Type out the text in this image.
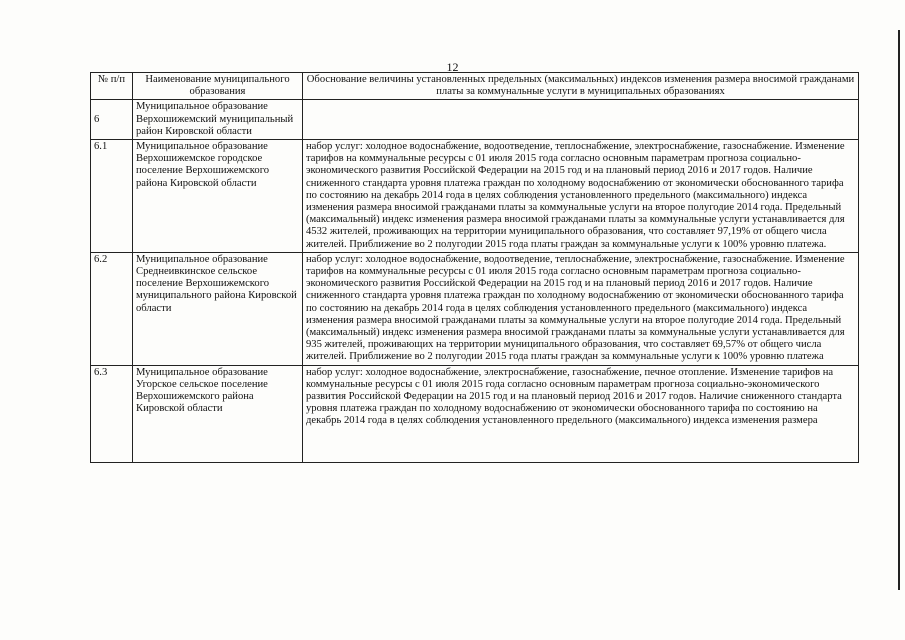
12
№ п/п	Наименование муниципального образования	Обоснование величины установленных предельных (максимальных) индексов изменения размера вносимой гражданами платы за коммунальные услуги в муниципальных образованиях
6	Муниципальное образование Верхошижемский муниципальный район Кировской области	
6.1	Муниципальное образование Верхошижемское городское поселение Верхошижемского района Кировской области	набор услуг: холодное водоснабжение, водоотведение, теплоснабжение, электроснабжение, газоснабжение. Изменение тарифов на коммунальные ресурсы с 01 июля 2015 года согласно основным параметрам прогноза социально-экономического развития Российской Федерации на 2015 год и на плановый период 2016 и 2017 годов. Наличие сниженного стандарта уровня платежа граждан по холодному водоснабжению от экономически обоснованного тарифа по состоянию на декабрь 2014 года в целях соблюдения установленного предельного (максимального) индекса изменения размера вносимой гражданами платы за коммунальные услуги на второе полугодие 2014 года. Предельный (максимальный) индекс изменения размера вносимой гражданами платы за коммунальные услуги устанавливается для 4532 жителей, проживающих на территории муниципального образования, что составляет 97,19% от общего числа жителей. Приближение во 2 полугодии 2015 года платы граждан за коммунальные услуги к 100% уровню платежа.
6.2	Муниципальное образование Среднеивкинское сельское поселение Верхошижемского муниципального района Кировской области	набор услуг: холодное водоснабжение, водоотведение, теплоснабжение, электроснабжение, газоснабжение. Изменение тарифов на коммунальные ресурсы с 01 июля 2015 года согласно основным параметрам прогноза социально-экономического развития Российской Федерации на 2015 год и на плановый период 2016 и 2017 годов. Наличие сниженного стандарта уровня платежа граждан по холодному водоснабжению от экономически обоснованного тарифа по состоянию на декабрь 2014 года в целях соблюдения установленного предельного (максимального) индекса изменения размера вносимой гражданами платы за коммунальные услуги на второе полугодие 2014 года. Предельный (максимальный) индекс изменения размера вносимой гражданами платы за коммунальные услуги устанавливается для 935 жителей, проживающих на территории муниципального образования, что составляет 69,57% от общего числа жителей. Приближение во 2 полугодии 2015 года платы граждан за коммунальные услуги к 100% уровню платежа
6.3	Муниципальное образование Угорское сельское поселение Верхошижемского района Кировской области	набор услуг: холодное водоснабжение, электроснабжение, газоснабжение, печное отопление. Изменение тарифов на коммунальные ресурсы с 01 июля 2015 года согласно основным параметрам прогноза социально-экономического развития Российской Федерации на 2015 год и на плановый период 2016 и 2017 годов. Наличие сниженного стандарта уровня платежа граждан по холодному водоснабжению от экономически обоснованного тарифа по состоянию на декабрь 2014 года в целях соблюдения установленного предельного (максимального) индекса изменения размера
